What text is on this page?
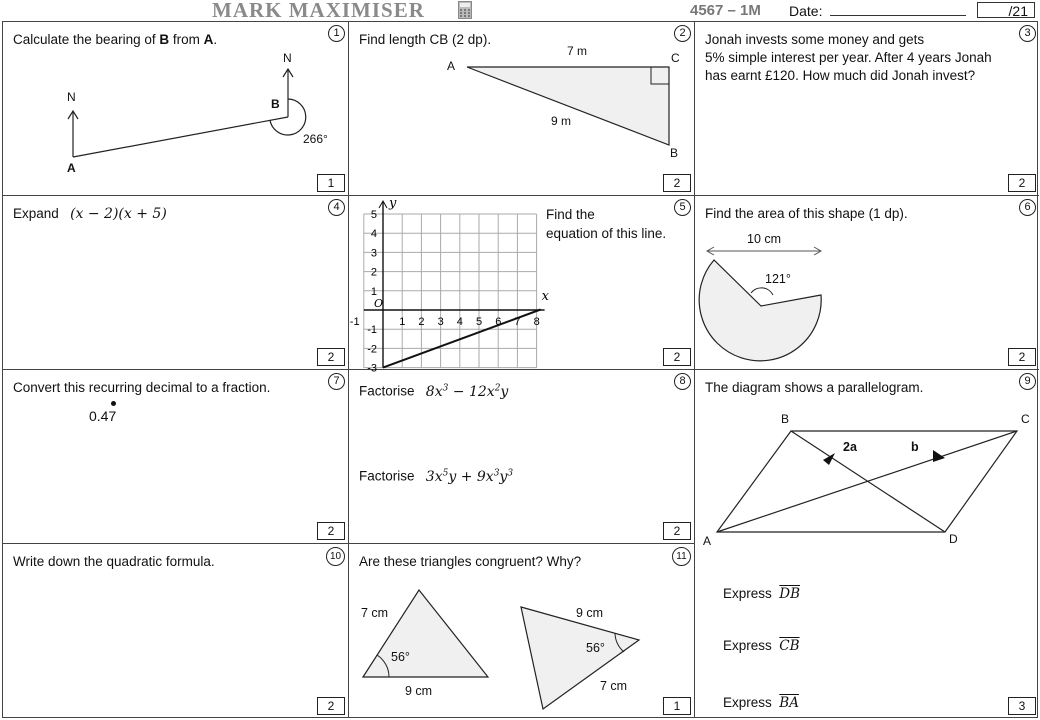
MARK MAXIMISER	4567 – 1M Date:	/21
Calculate the bearing of B from A.	1
N
N
A
B
266°
1
Find length CB (2 dp).	2
A
C
B
7 m
9 m
2
Jonah invests some money and gets
5% simple interest per year. After 4 years Jonah
has earnt £120. How much did Jonah invest?
3
2
Expand (x − 2)(x + 5)	4
2
Find the
equation of this line.
5
-1	1 2 3 4 5 6 7 8
5
4
3
2
1
-1
-2
-3
x
y
O
2
Find the area of this shape (1 dp).	6
10 cm
121°
2
Convert this recurring decimal to a fraction.	7
0.47
2
Factorise $8x^3 - 12x^2y$
Factorise $3x^5y + 9x^3y^3$
8
2
The diagram shows a parallelogram.	9
B	C
A	D
2a	b
Express $\overline{DB}$
Express $\overline{CB}$
Express $\overline{BA}$	3
Write down the quadratic formula.	10
2
Are these triangles congruent? Why?	11
7 cm
9 cm
56°
9 cm
7 cm
56°
1
